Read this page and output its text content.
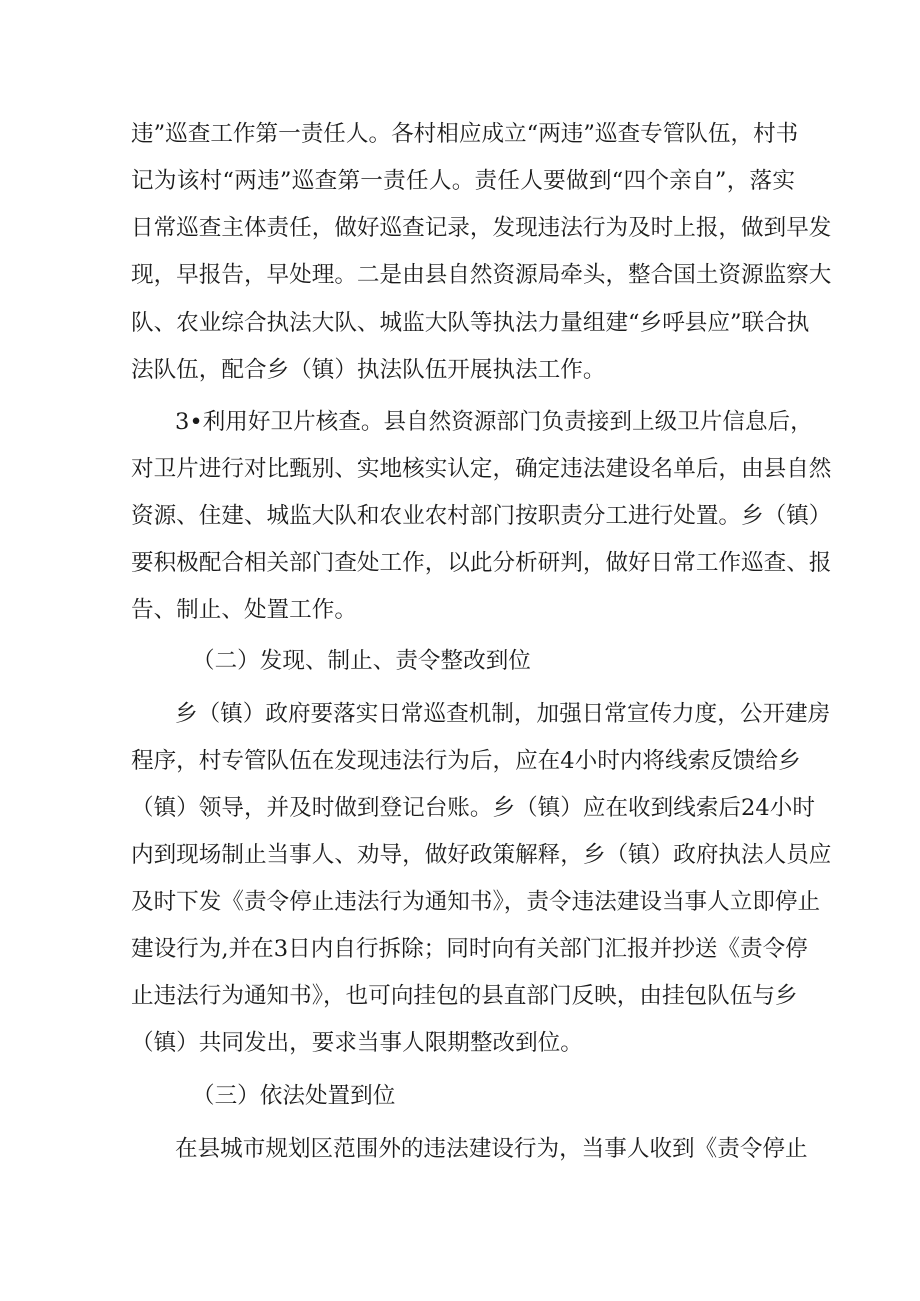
违”巡查工作第一责任人。各村相应成立“两违”巡查专管队伍，村书
记为该村“两违”巡查第一责任人。责任人要做到“四个亲自”，落实
日常巡查主体责任，做好巡查记录，发现违法行为及时上报，做到早发
现，早报告，早处理。二是由县自然资源局牵头，整合国土资源监察大
队、农业综合执法大队、城监大队等执法力量组建“乡呼县应”联合执
法队伍，配合乡（镇）执法队伍开展执法工作。
3•利用好卫片核查。县自然资源部门负责接到上级卫片信息后，
对卫片进行对比甄别、实地核实认定，确定违法建设名单后，由县自然
资源、住建、城监大队和农业农村部门按职责分工进行处置。乡（镇）
要积极配合相关部门查处工作，以此分析研判，做好日常工作巡查、报
告、制止、处置工作。
（二）发现、制止、责令整改到位
乡（镇）政府要落实日常巡查机制，加强日常宣传力度，公开建房
程序，村专管队伍在发现违法行为后，应在4小时内将线索反馈给乡
（镇）领导，并及时做到登记台账。乡（镇）应在收到线索后24小时
内到现场制止当事人、劝导，做好政策解释，乡（镇）政府执法人员应
及时下发《责令停止违法行为通知书》，责令违法建设当事人立即停止
建设行为,并在3日内自行拆除；同时向有关部门汇报并抄送《责令停
止违法行为通知书》，也可向挂包的县直部门反映，由挂包队伍与乡
（镇）共同发出，要求当事人限期整改到位。
（三）依法处置到位
在县城市规划区范围外的违法建设行为，当事人收到《责令停止
